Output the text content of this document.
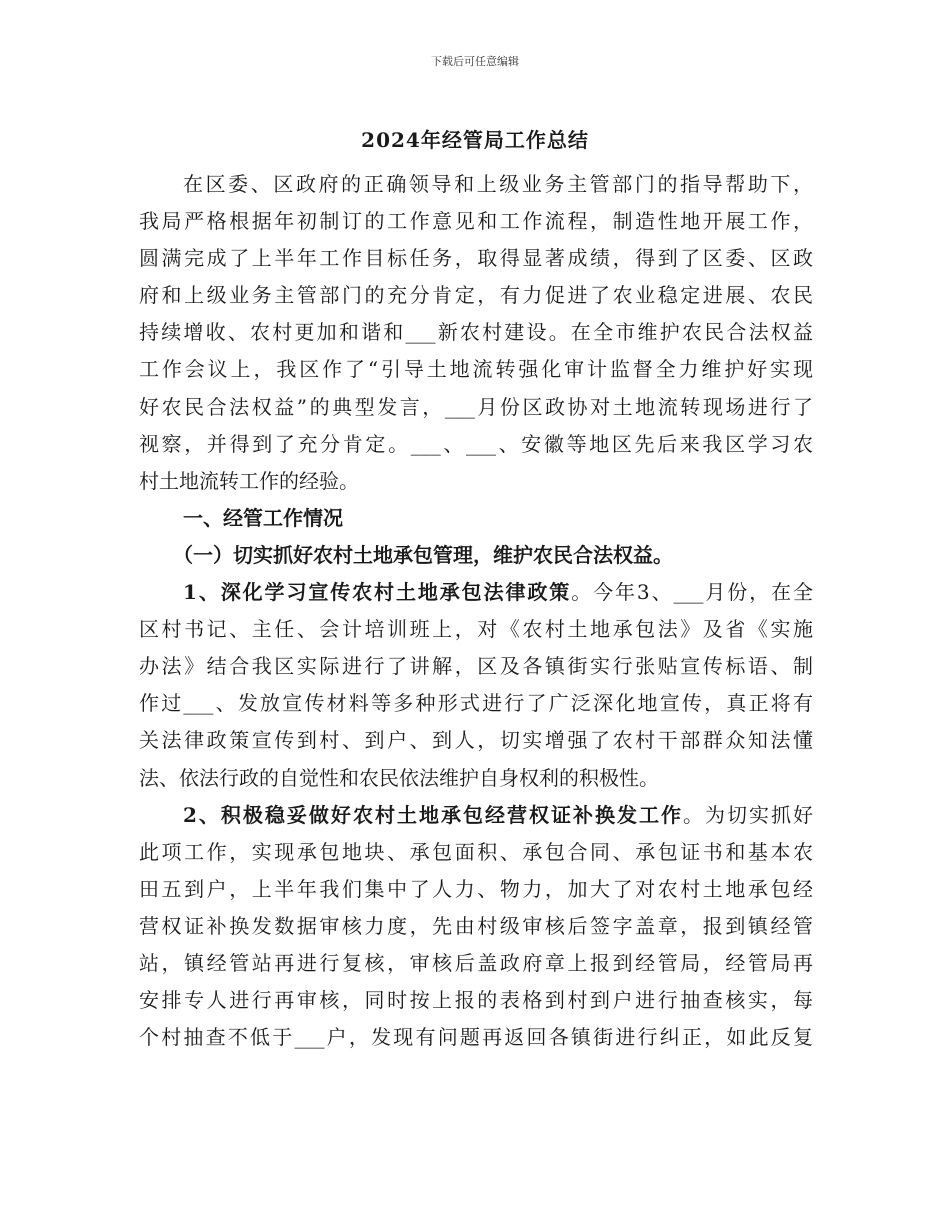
下载后可任意编辑
2024年经管局工作总结
在区委、区政府的正确领导和上级业务主管部门的指导帮助下，
我局严格根据年初制订的工作意见和工作流程，制造性地开展工作，
圆满完成了上半年工作目标任务，取得显著成绩，得到了区委、区政
府和上级业务主管部门的充分肯定，有力促进了农业稳定进展、农民
持续增收、农村更加和谐和___新农村建设。在全市维护农民合法权益
工作会议上，我区作了“引导土地流转强化审计监督全力维护好实现
好农民合法权益”的典型发言，___月份区政协对土地流转现场进行了
视察，并得到了充分肯定。___、___、安徽等地区先后来我区学习农
村土地流转工作的经验。
一、经管工作情况
（一）切实抓好农村土地承包管理，维护农民合法权益。
1、深化学习宣传农村土地承包法律政策。今年3、___月份，在全
区村书记、主任、会计培训班上，对《农村土地承包法》及省《实施
办法》结合我区实际进行了讲解，区及各镇街实行张贴宣传标语、制
作过___、发放宣传材料等多种形式进行了广泛深化地宣传，真正将有
关法律政策宣传到村、到户、到人，切实增强了农村干部群众知法懂
法、依法行政的自觉性和农民依法维护自身权利的积极性。
2、积极稳妥做好农村土地承包经营权证补换发工作。为切实抓好
此项工作，实现承包地块、承包面积、承包合同、承包证书和基本农
田五到户，上半年我们集中了人力、物力，加大了对农村土地承包经
营权证补换发数据审核力度，先由村级审核后签字盖章，报到镇经管
站，镇经管站再进行复核，审核后盖政府章上报到经管局，经管局再
安排专人进行再审核，同时按上报的表格到村到户进行抽查核实，每
个村抽查不低于___户，发现有问题再返回各镇街进行纠正，如此反复
